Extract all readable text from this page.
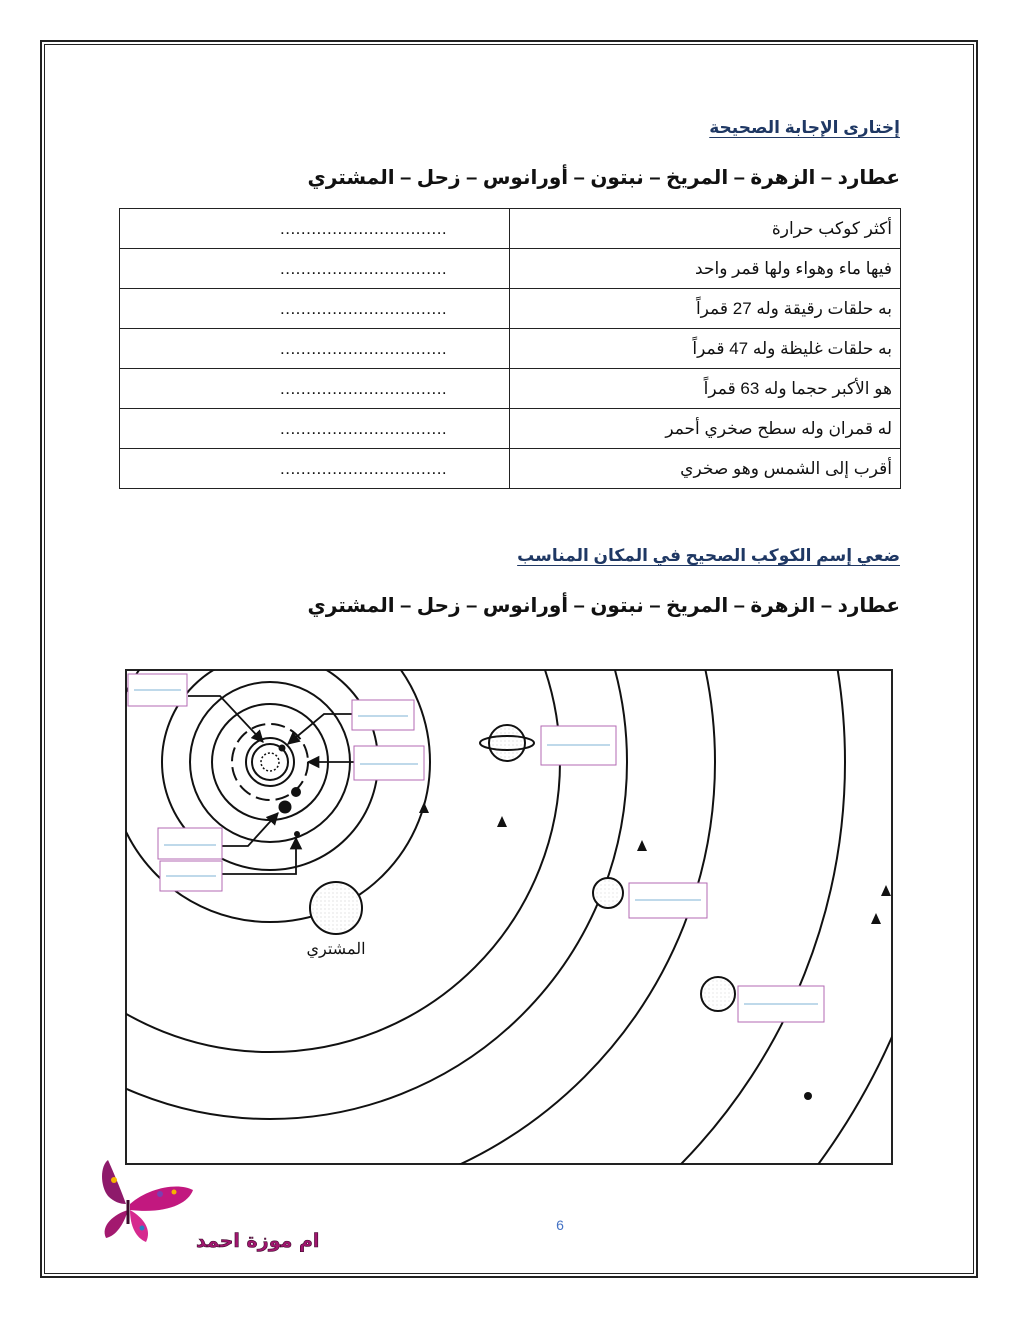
إختارى الإجابة الصحيحة
عطارد – الزهرة – المريخ – نبتون – أورانوس – زحل – المشتري
أكثر كوكب حرارة	................................
فيها ماء وهواء ولها قمر واحد	................................
به حلقات رقيقة وله 27 قمراً	................................
به حلقات غليظة وله 47 قمراً	................................
هو الأكبر حجما وله 63 قمراً	................................
له قمران وله سطح صخري أحمر	................................
أقرب إلى الشمس وهو صخري	................................
ضعي إسم الكوكب الصحيح في المكان المناسب
عطارد – الزهرة – المريخ – نبتون – أورانوس – زحل – المشتري
المشتري
6
ام موزة احمد
